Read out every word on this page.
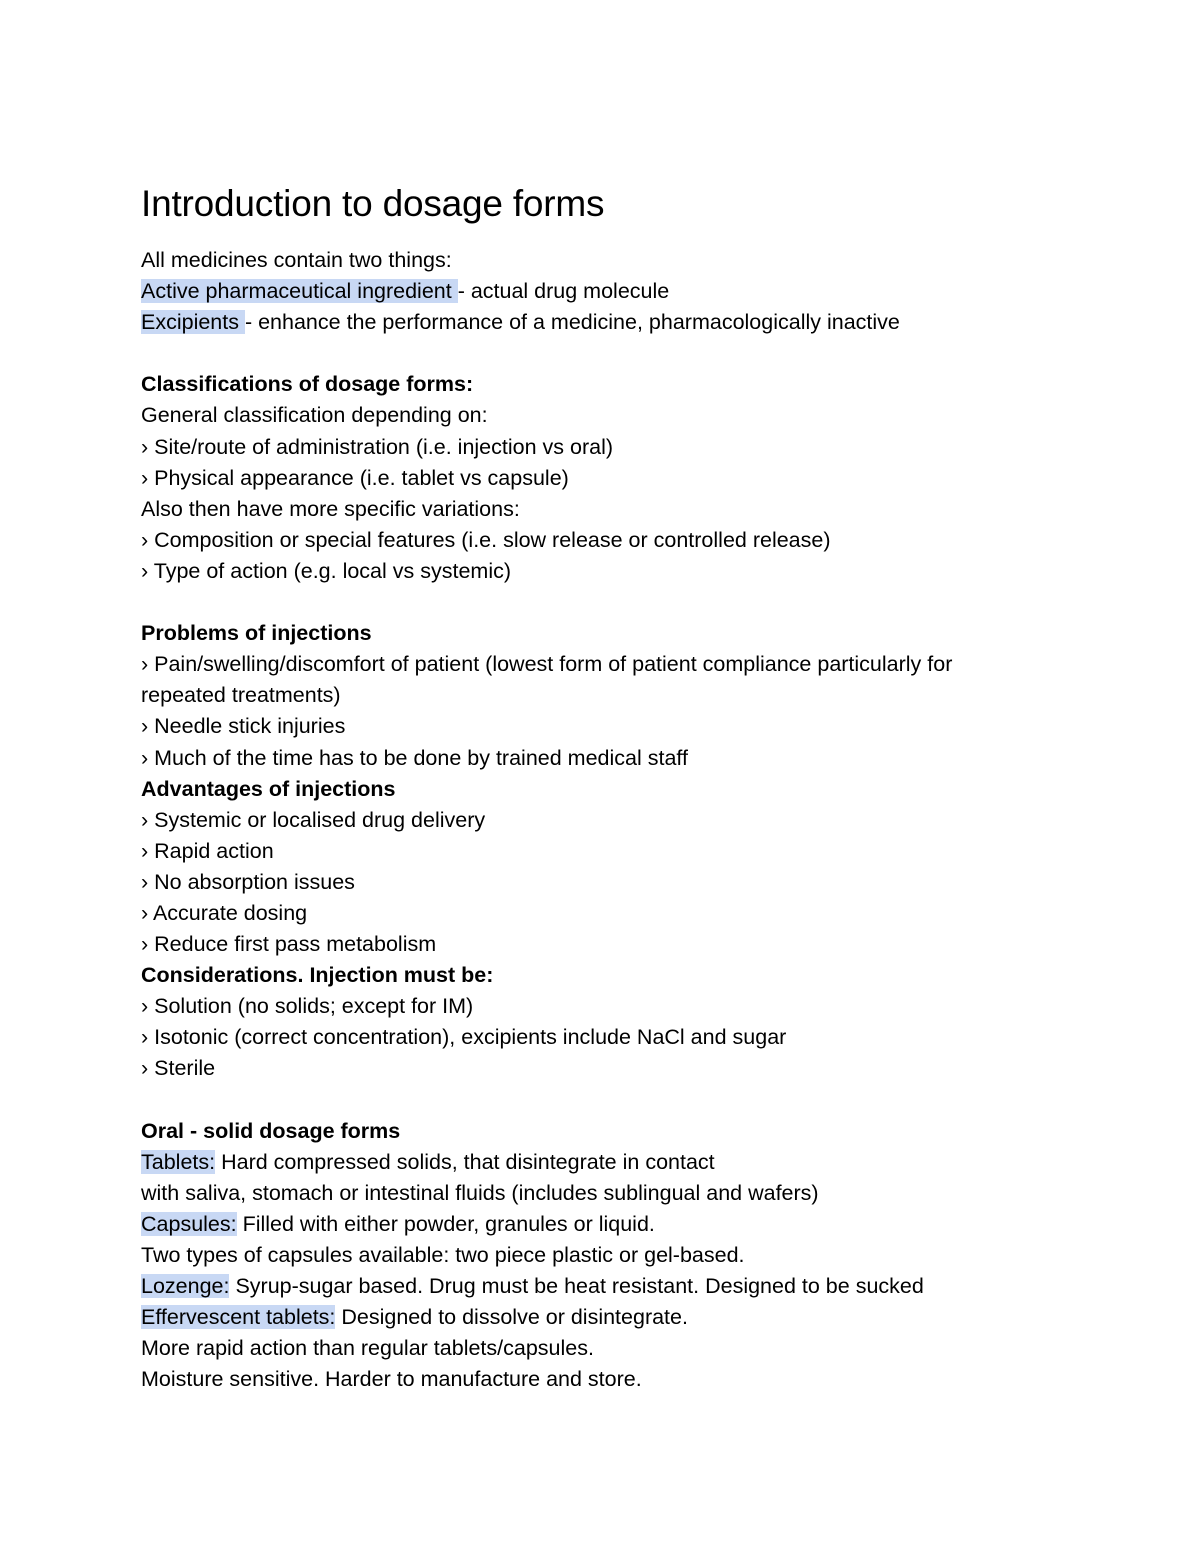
Introduction to dosage forms
All medicines contain two things:
Active pharmaceutical ingredient - actual drug molecule
Excipients - enhance the performance of a medicine, pharmacologically inactive
Classifications of dosage forms:
General classification depending on:
› Site/route of administration (i.e. injection vs oral)
› Physical appearance (i.e. tablet vs capsule)
Also then have more specific variations:
› Composition or special features (i.e. slow release or controlled release)
› Type of action (e.g. local vs systemic)
Problems of injections
› Pain/swelling/discomfort of patient (lowest form of patient compliance particularly for repeated treatments)
› Needle stick injuries
› Much of the time has to be done by trained medical staff
Advantages of injections
› Systemic or localised drug delivery
› Rapid action
› No absorption issues
› Accurate dosing
› Reduce first pass metabolism
Considerations. Injection must be:
› Solution (no solids; except for IM)
› Isotonic (correct concentration), excipients include NaCl and sugar
› Sterile
Oral - solid dosage forms
Tablets: Hard compressed solids, that disintegrate in contact
with saliva, stomach or intestinal fluids (includes sublingual and wafers)
Capsules: Filled with either powder, granules or liquid.
Two types of capsules available: two piece plastic or gel-based.
Lozenge: Syrup-sugar based. Drug must be heat resistant. Designed to be sucked
Effervescent tablets: Designed to dissolve or disintegrate.
More rapid action than regular tablets/capsules.
Moisture sensitive. Harder to manufacture and store.
